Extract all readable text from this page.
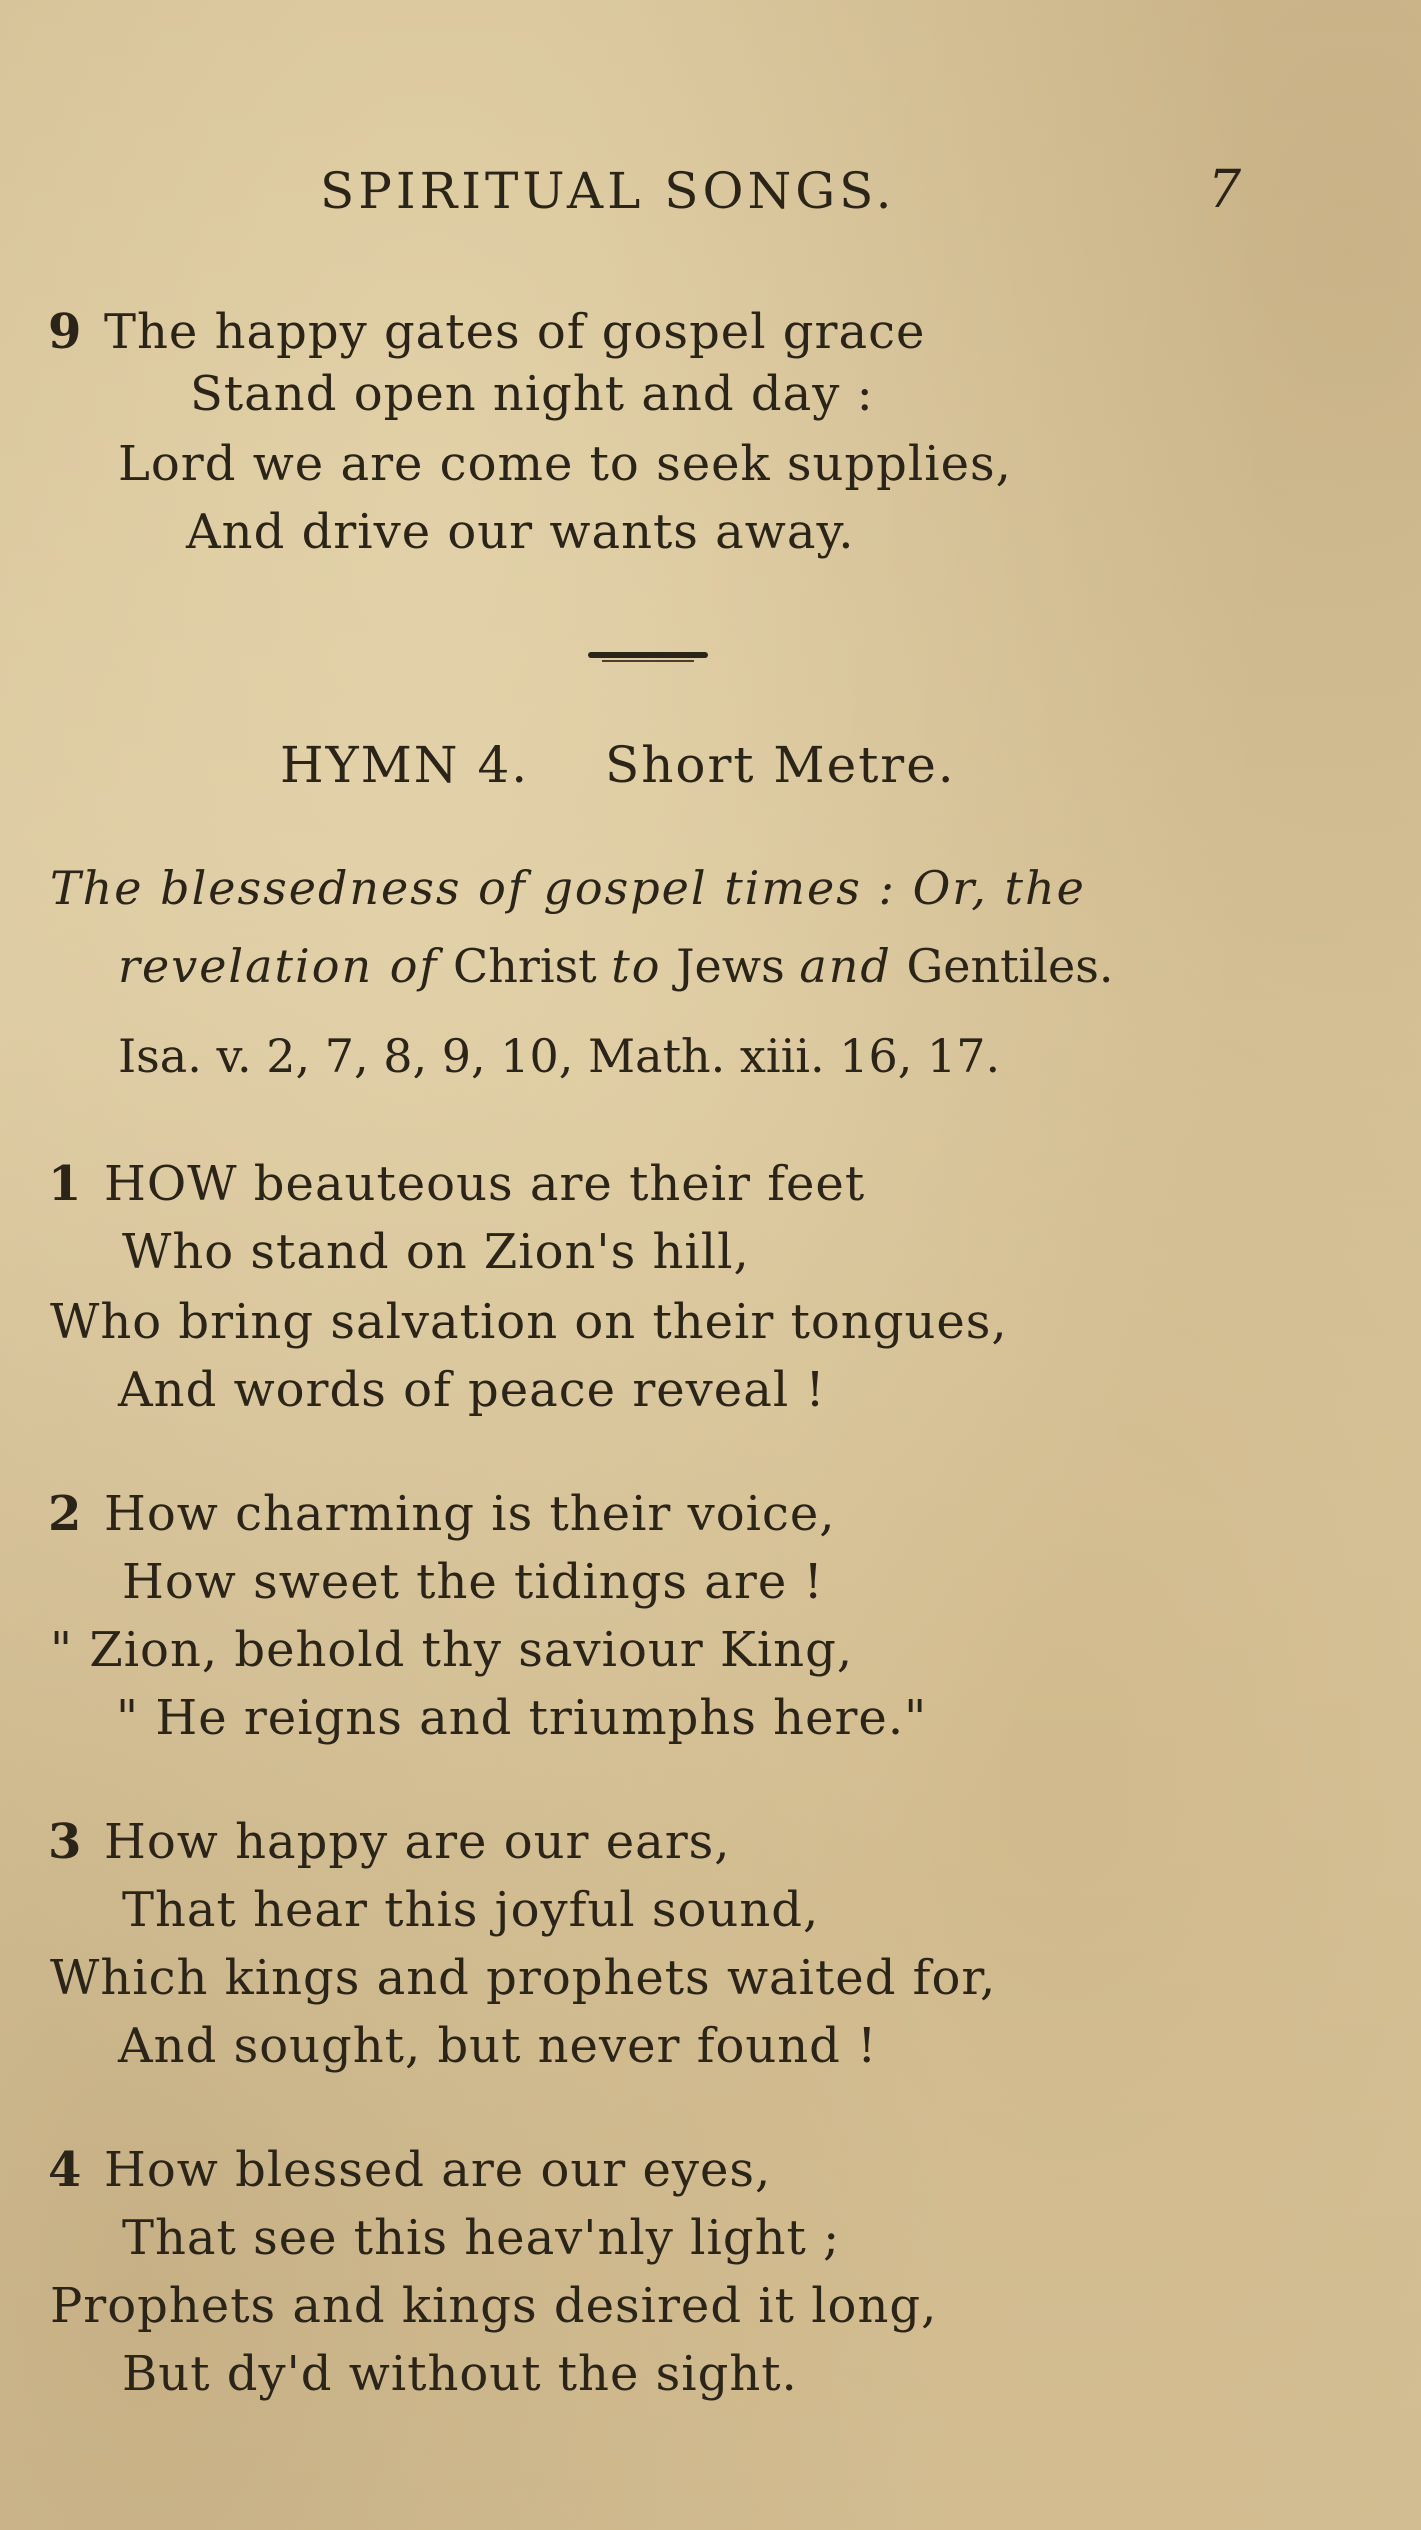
SPIRITUAL SONGS.	7
9 The happy gates of gospel grace
Stand open night and day :
Lord we are come to seek supplies,
And drive our wants away.
HYMN 4. Short Metre.
The blessedness of gospel times : Or, the
revelation of Christ to Jews and Gentiles.
Isa. v. 2, 7, 8, 9, 10, Math. xiii. 16, 17.
1 HOW beauteous are their feet
Who stand on Zion's hill,
Who bring salvation on their tongues,
And words of peace reveal !
2 How charming is their voice,
How sweet the tidings are !
" Zion, behold thy saviour King,
" He reigns and triumphs here."
3 How happy are our ears,
That hear this joyful sound,
Which kings and prophets waited for,
And sought, but never found !
4 How blessed are our eyes,
That see this heav'nly light ;
Prophets and kings desired it long,
But dy'd without the sight.
